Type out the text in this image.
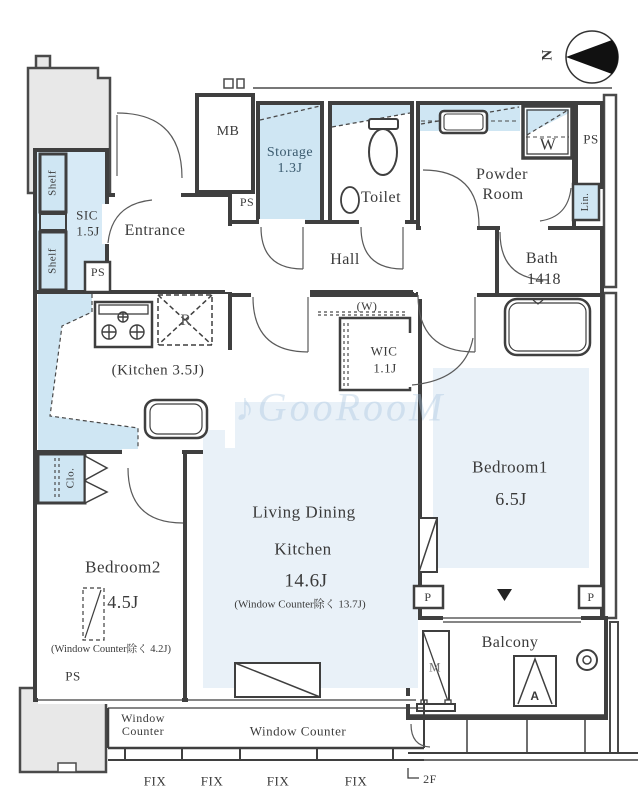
♪GooRooM
N
MB
PS
Storage
1.3J
Toilet
Powder
Room
W PS
Lin.
Bath
1418
Hall
Entrance
Shelf
Shelf
SIC
1.5J
PS
(Kitchen 3.5J)
R
(W)
WIC
1.1J
Bedroom1
6.5J
Living Dining
Kitchen
14.6J
(Window Counter除く 13.7J)
Bedroom2
4.5J
(Window Counter除く 4.2J)
PS
Window
Counter	Window Counter
FIX	FIX	FIX	FIX	2F
Balcony
M
A
P	P
Clo.
